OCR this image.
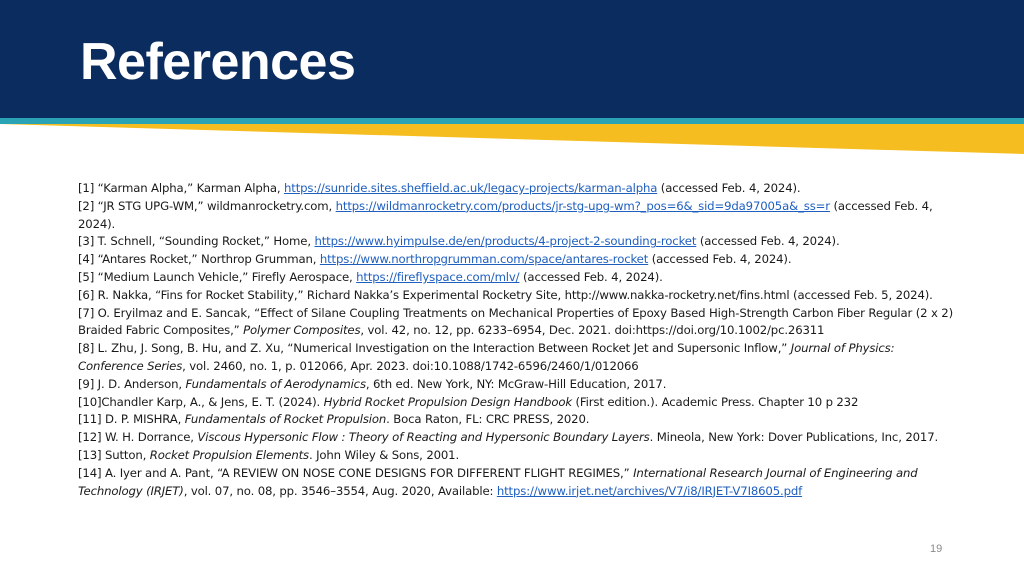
References
[1] “Karman Alpha,” Karman Alpha, https://sunride.sites.sheffield.ac.uk/legacy-projects/karman-alpha (accessed Feb. 4, 2024).
[2] “JR STG UPG-WM,” wildmanrocketry.com, https://wildmanrocketry.com/products/jr-stg-upg-wm?_pos=6&_sid=9da97005a&_ss=r (accessed Feb. 4, 2024).
[3] T. Schnell, “Sounding Rocket,” Home, https://www.hyimpulse.de/en/products/4-project-2-sounding-rocket (accessed Feb. 4, 2024).
[4] “Antares Rocket,” Northrop Grumman, https://www.northropgrumman.com/space/antares-rocket (accessed Feb. 4, 2024).
[5] “Medium Launch Vehicle,” Firefly Aerospace, https://fireflyspace.com/mlv/ (accessed Feb. 4, 2024).
[6] R. Nakka, “Fins for Rocket Stability,” Richard Nakka’s Experimental Rocketry Site, http://www.nakka-rocketry.net/fins.html (accessed Feb. 5, 2024).
[7] O. Eryilmaz and E. Sancak, “Effect of Silane Coupling Treatments on Mechanical Properties of Epoxy Based High-Strength Carbon Fiber Regular (2 x 2) Braided Fabric Composites,” Polymer Composites, vol. 42, no. 12, pp. 6233–6954, Dec. 2021. doi:https://doi.org/10.1002/pc.26311
[8] L. Zhu, J. Song, B. Hu, and Z. Xu, “Numerical Investigation on the Interaction Between Rocket Jet and Supersonic Inflow,” Journal of Physics: Conference Series, vol. 2460, no. 1, p. 012066, Apr. 2023. doi:10.1088/1742-6596/2460/1/012066
[9] J. D. Anderson, Fundamentals of Aerodynamics, 6th ed. New York, NY: McGraw-Hill Education, 2017.
[10]Chandler Karp, A., & Jens, E. T. (2024). Hybrid Rocket Propulsion Design Handbook (First edition.). Academic Press. Chapter 10 p 232
[11] D. P. MISHRA, Fundamentals of Rocket Propulsion. Boca Raton, FL: CRC PRESS, 2020.
[12] W. H. Dorrance, Viscous Hypersonic Flow : Theory of Reacting and Hypersonic Boundary Layers. Mineola, New York: Dover Publications, Inc, 2017.
[13] Sutton, Rocket Propulsion Elements. John Wiley & Sons, 2001.
[14] A. Iyer and A. Pant, “A REVIEW ON NOSE CONE DESIGNS FOR DIFFERENT FLIGHT REGIMES,” International Research Journal of Engineering and Technology (IRJET), vol. 07, no. 08, pp. 3546–3554, Aug. 2020, Available: https://www.irjet.net/archives/V7/i8/IRJET-V7I8605.pdf
19
